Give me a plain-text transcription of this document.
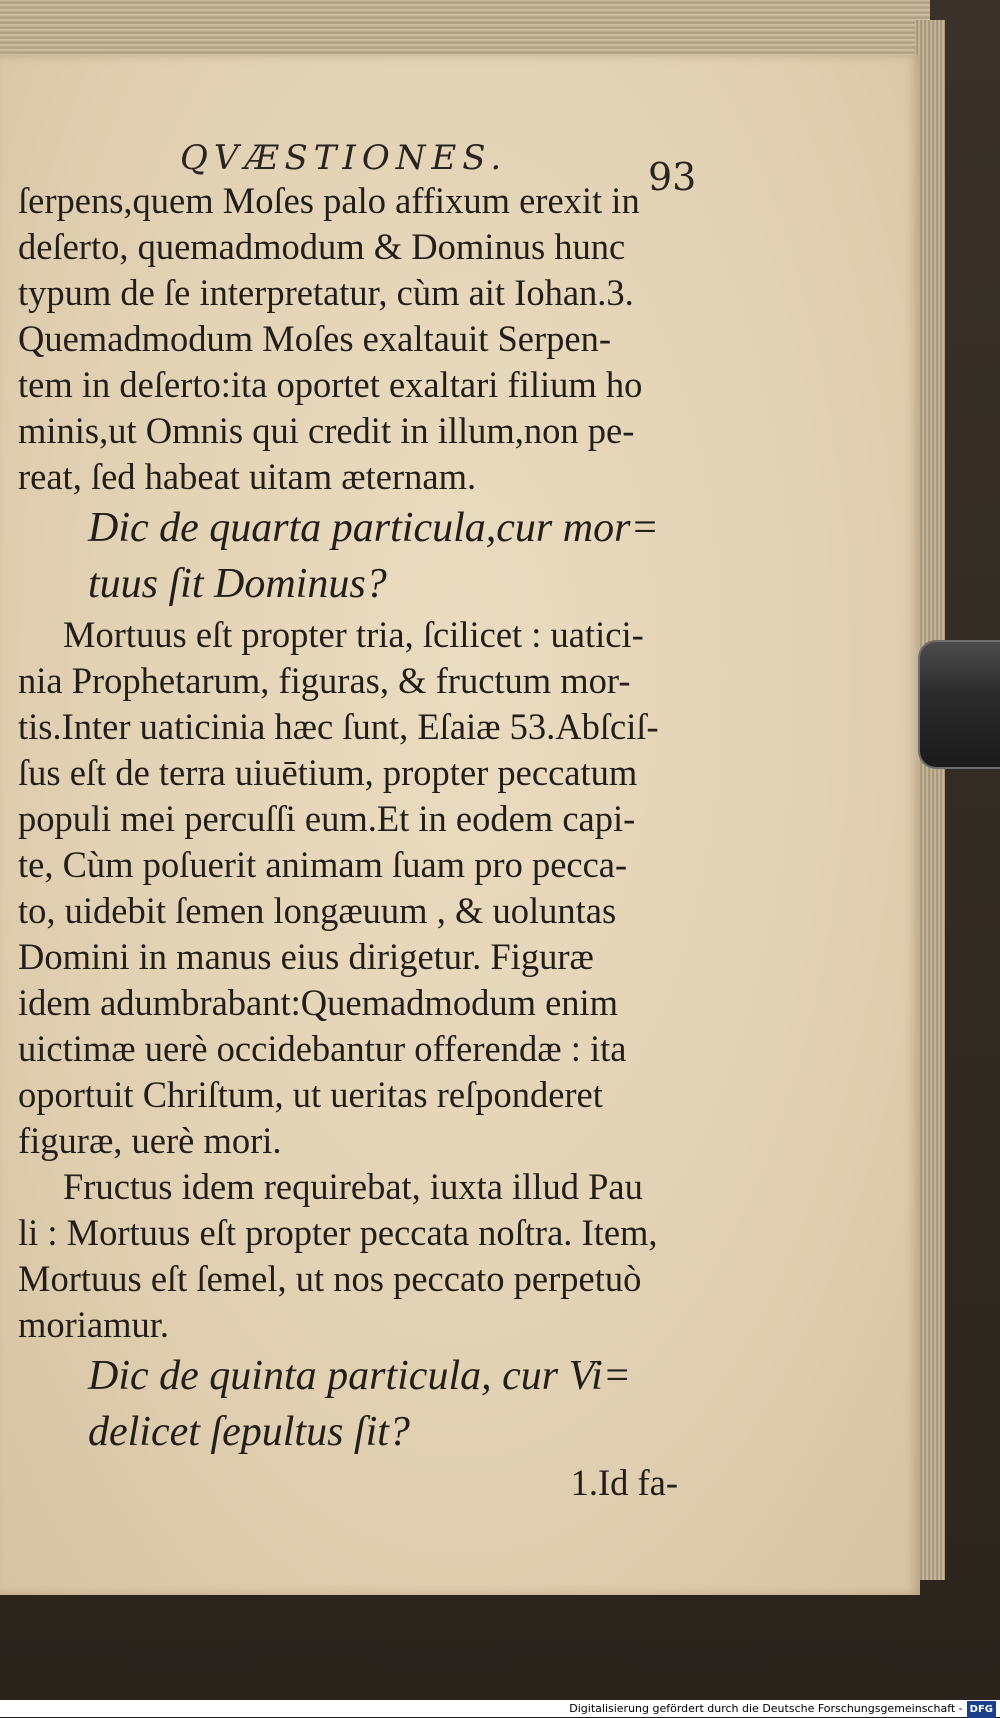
QVÆSTIONES.	93
ſerpens,quem Moſes palo affixum erexit in
deſerto, quemadmodum & Dominus hunc
typum de ſe interpretatur, cùm ait Iohan.3.
Quemadmodum Moſes exaltauit Serpen-
tem in deſerto:ita oportet exaltari filium ho
minis,ut Omnis qui credit in illum,non pe-
reat, ſed habeat uitam æternam.
Dic de quarta particula,cur mor=
tuus ſit Dominus?
Mortuus eſt propter tria, ſcilicet : uatici-
nia Prophetarum, figuras, & fructum mor-
tis.Inter uaticinia hæc ſunt, Eſaiæ 53.Abſciſ-
ſus eſt de terra uiuētium, propter peccatum
populi mei percuſſi eum.Et in eodem capi-
te, Cùm poſuerit animam ſuam pro pecca-
to, uidebit ſemen longæuum , & uoluntas
Domini in manus eius dirigetur. Figuræ
idem adumbrabant:Quemadmodum enim
uictimæ uerè occidebantur offerendæ : ita
oportuit Chriſtum, ut ueritas reſponderet
figuræ, uerè mori.
Fructus idem requirebat, iuxta illud Pau
li : Mortuus eſt propter peccata noſtra. Item,
Mortuus eſt ſemel, ut nos peccato perpetuò
moriamur.
Dic de quinta particula, cur Vi=
delicet ſepultus ſit?
1.Id fa-
Digitalisierung gefördert durch die Deutsche Forschungsgemeinschaft - DFG
